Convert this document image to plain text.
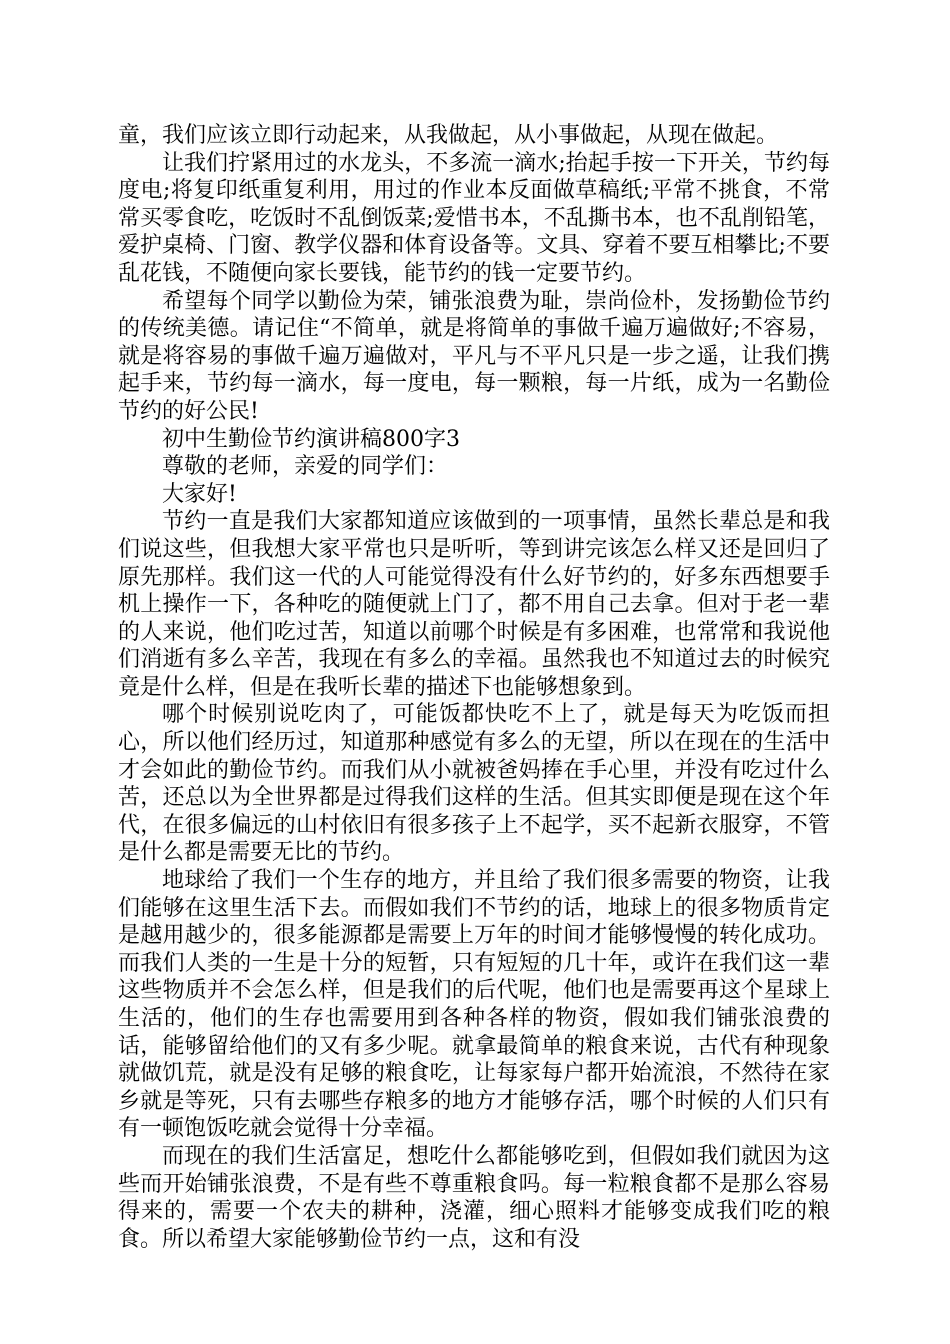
童，我们应该立即行动起来，从我做起，从小事做起，从现在做起。

让我们拧紧用过的水龙头，不多流一滴水;抬起手按一下开关，节约每度电;将复印纸重复利用，用过的作业本反面做草稿纸;平常不挑食，不常常买零食吃，吃饭时不乱倒饭菜;爱惜书本，不乱撕书本，也不乱削铅笔，爱护桌椅、门窗、教学仪器和体育设备等。文具、穿着不要互相攀比;不要乱花钱，不随便向家长要钱，能节约的钱一定要节约。

希望每个同学以勤俭为荣，铺张浪费为耻，崇尚俭朴，发扬勤俭节约的传统美德。请记住“不简单，就是将简单的事做千遍万遍做好;不容易，就是将容易的事做千遍万遍做对，平凡与不平凡只是一步之遥，让我们携起手来，节约每一滴水，每一度电，每一颗粮，每一片纸，成为一名勤俭节约的好公民!

初中生勤俭节约演讲稿800字3

尊敬的老师，亲爱的同学们：

大家好!

节约一直是我们大家都知道应该做到的一项事情，虽然长辈总是和我们说这些，但我想大家平常也只是听听，等到讲完该怎么样又还是回归了原先那样。我们这一代的人可能觉得没有什么好节约的，好多东西想要手机上操作一下，各种吃的随便就上门了，都不用自己去拿。但对于老一辈的人来说，他们吃过苦，知道以前哪个时候是有多困难，也常常和我说他们消逝有多么辛苦，我现在有多么的幸福。虽然我也不知道过去的时候究竟是什么样，但是在我听长辈的描述下也能够想象到。

哪个时候别说吃肉了，可能饭都快吃不上了，就是每天为吃饭而担心，所以他们经历过，知道那种感觉有多么的无望，所以在现在的生活中才会如此的勤俭节约。而我们从小就被爸妈捧在手心里，并没有吃过什么苦，还总以为全世界都是过得我们这样的生活。但其实即便是现在这个年代，在很多偏远的山村依旧有很多孩子上不起学，买不起新衣服穿，不管是什么都是需要无比的节约。

地球给了我们一个生存的地方，并且给了我们很多需要的物资，让我们能够在这里生活下去。而假如我们不节约的话，地球上的很多物质肯定是越用越少的，很多能源都是需要上万年的时间才能够慢慢的转化成功。而我们人类的一生是十分的短暂，只有短短的几十年，或许在我们这一辈这些物质并不会怎么样，但是我们的后代呢，他们也是需要再这个星球上生活的，他们的生存也需要用到各种各样的物资，假如我们铺张浪费的话，能够留给他们的又有多少呢。就拿最简单的粮食来说，古代有种现象就做饥荒，就是没有足够的粮食吃，让每家每户都开始流浪，不然待在家乡就是等死，只有去哪些存粮多的地方才能够存活，哪个时候的人们只有有一顿饱饭吃就会觉得十分幸福。

而现在的我们生活富足，想吃什么都能够吃到，但假如我们就因为这些而开始铺张浪费，不是有些不尊重粮食吗。每一粒粮食都不是那么容易得来的，需要一个农夫的耕种，浇灌，细心照料才能够变成我们吃的粮食。所以希望大家能够勤俭节约一点，这和有没
